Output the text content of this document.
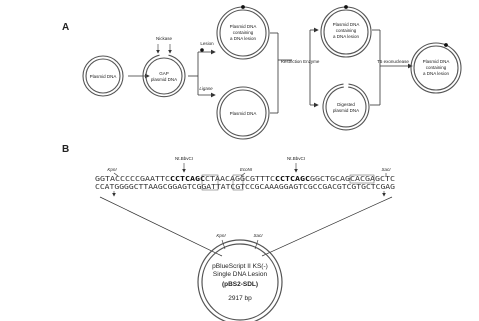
A
Plasmid DNA
GAP
plasmid DNA
Nickase
Lesion
Ligase
Plasmid DNA
containing
a DNA lesion
Plasmid DNA
Restriction Enzyme
Plasmid DNA
containing
a DNA lesion
Digested
plasmid DNA
T5 exonuclease	Plasmid DNA
containing
a DNA lesion
B
KpnI
Nt.BbvCI
EcoNI
Nt.BbvCI
SacI
GGTACCCCCGAATTC CCTCAGC CTAAC AGG CGTTTC CCTCAGC GGCTGCAGCACGAGCTC
CCATGGGGCTTAAGCGGAGTCGGATTATCGTCCGCAAAGGAGTCGCCGACGTCGTGCTCGAG
KpnI	SacI
pBlueScript II KS(-)
Single DNA Lesion
(pBS2-SDL)
2917 bp
